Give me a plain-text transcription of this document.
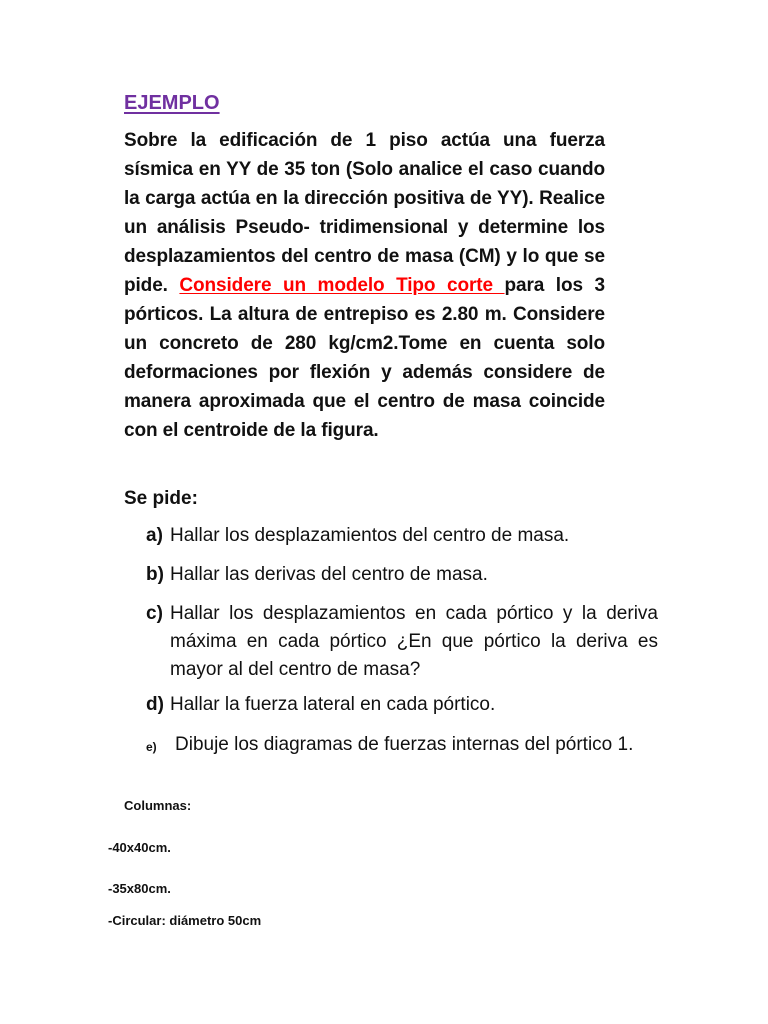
EJEMPLO

Sobre la edificación de 1 piso actúa una fuerza sísmica en YY de 35 ton (Solo analice el caso cuando la carga actúa en la dirección positiva de YY). Realice un análisis Pseudo- tridimensional y determine los desplazamientos del centro de masa (CM) y lo que se pide. Considere un modelo Tipo corte para los 3 pórticos. La altura de entrepiso es 2.80 m. Considere un concreto de 280 kg/cm2.Tome en cuenta solo deformaciones por flexión y además considere de manera aproximada que el centro de masa coincide con el centroide de la figura.

Se pide:

a) Hallar los desplazamientos del centro de masa.
b) Hallar las derivas del centro de masa.
c) Hallar los desplazamientos en cada pórtico y la deriva máxima en cada pórtico ¿En que pórtico la deriva es mayor al del centro de masa?
d) Hallar la fuerza lateral en cada pórtico.
e) Dibuje los diagramas de fuerzas internas del pórtico 1.

Columnas:

-40x40cm.

-35x80cm.

-Circular: diámetro 50cm
